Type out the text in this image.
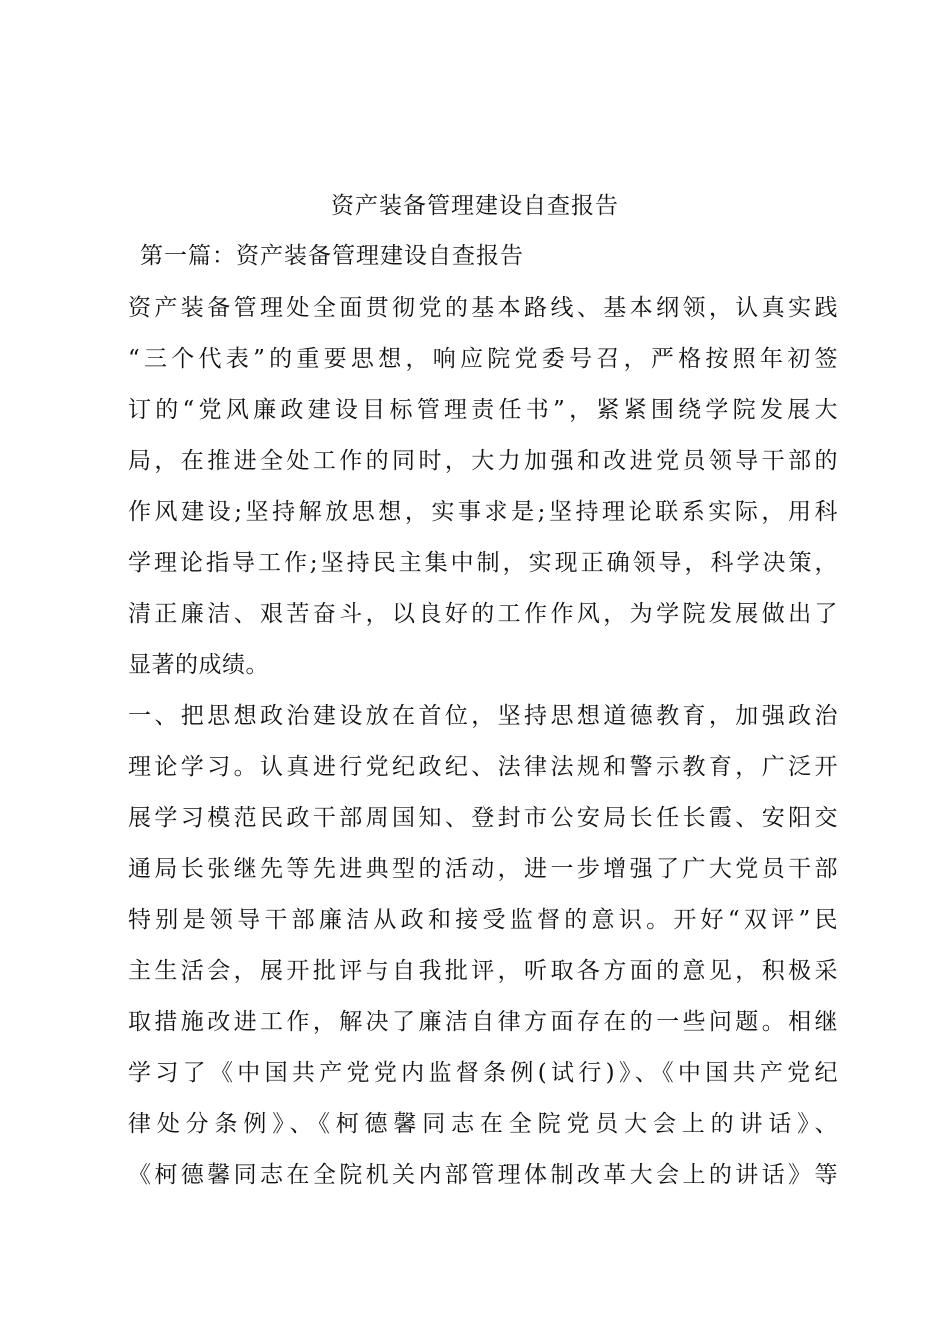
资产装备管理建设自查报告
第一篇：资产装备管理建设自查报告
资产装备管理处全面贯彻党的基本路线、基本纲领，认真实践
“三个代表”的重要思想，响应院党委号召，严格按照年初签
订的“党风廉政建设目标管理责任书”，紧紧围绕学院发展大
局，在推进全处工作的同时，大力加强和改进党员领导干部的
作风建设;坚持解放思想，实事求是;坚持理论联系实际，用科
学理论指导工作;坚持民主集中制，实现正确领导，科学决策，
清正廉洁、艰苦奋斗，以良好的工作作风，为学院发展做出了
显著的成绩。
一、把思想政治建设放在首位，坚持思想道德教育，加强政治
理论学习。认真进行党纪政纪、法律法规和警示教育，广泛开
展学习模范民政干部周国知、登封市公安局长任长霞、安阳交
通局长张继先等先进典型的活动，进一步增强了广大党员干部
特别是领导干部廉洁从政和接受监督的意识。开好“双评”民
主生活会，展开批评与自我批评，听取各方面的意见，积极采
取措施改进工作，解决了廉洁自律方面存在的一些问题。相继
学习了《中国共产党党内监督条例(试行)》、《中国共产党纪
律处分条例》、《柯德馨同志在全院党员大会上的讲话》、
《柯德馨同志在全院机关内部管理体制改革大会上的讲话》等
